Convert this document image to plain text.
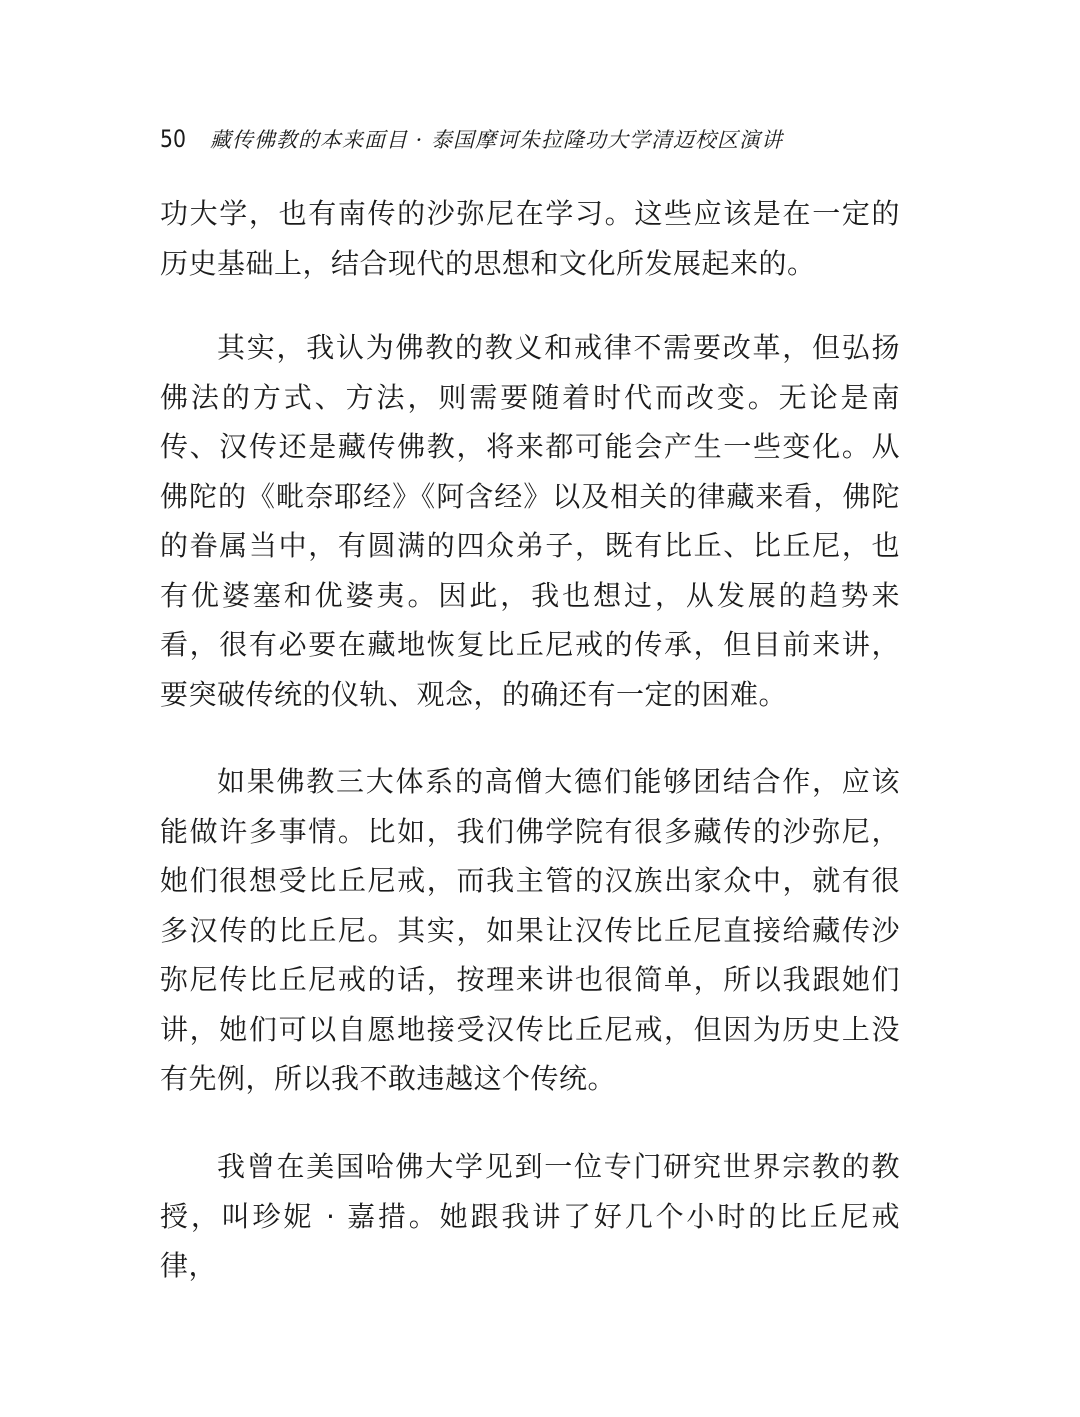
50 藏传佛教的本来面目 · 泰国摩诃朱拉隆功大学清迈校区演讲

功大学，也有南传的沙弥尼在学习。这些应该是在一定的历史基础上，结合现代的思想和文化所发展起来的。

其实，我认为佛教的教义和戒律不需要改革，但弘扬佛法的方式、方法，则需要随着时代而改变。无论是南传、汉传还是藏传佛教，将来都可能会产生一些变化。从佛陀的《毗奈耶经》《阿含经》以及相关的律藏来看，佛陀的眷属当中，有圆满的四众弟子，既有比丘、比丘尼，也有优婆塞和优婆夷。因此，我也想过，从发展的趋势来看，很有必要在藏地恢复比丘尼戒的传承，但目前来讲，要突破传统的仪轨、观念，的确还有一定的困难。

如果佛教三大体系的高僧大德们能够团结合作，应该能做许多事情。比如，我们佛学院有很多藏传的沙弥尼，她们很想受比丘尼戒，而我主管的汉族出家众中，就有很多汉传的比丘尼。其实，如果让汉传比丘尼直接给藏传沙弥尼传比丘尼戒的话，按理来讲也很简单，所以我跟她们讲，她们可以自愿地接受汉传比丘尼戒，但因为历史上没有先例，所以我不敢违越这个传统。

我曾在美国哈佛大学见到一位专门研究世界宗教的教授，叫珍妮 · 嘉措。她跟我讲了好几个小时的比丘尼戒律，
